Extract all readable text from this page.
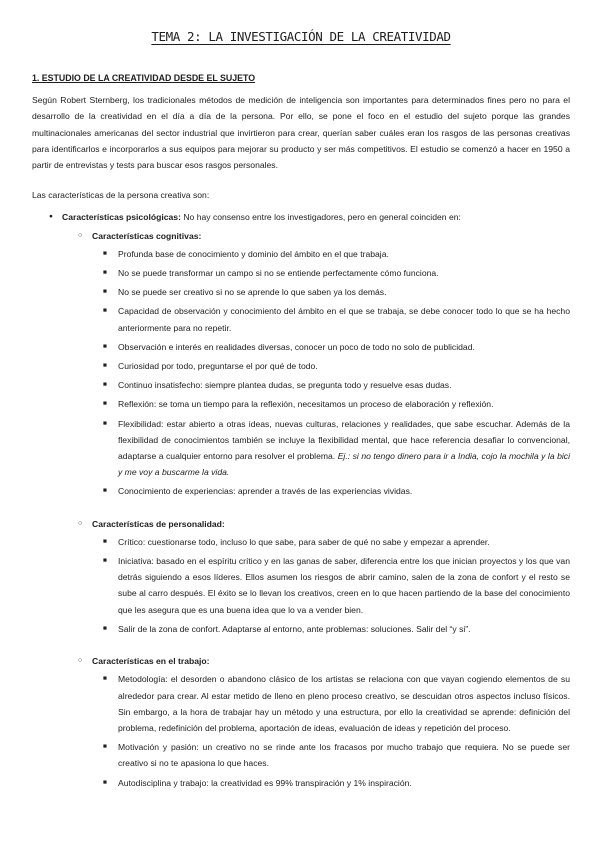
TEMA 2: LA INVESTIGACIÓN DE LA CREATIVIDAD
1. ESTUDIO DE LA CREATIVIDAD DESDE EL SUJETO
Según Robert Sternberg, los tradicionales métodos de medición de inteligencia son importantes para determinados fines pero no para el desarrollo de la creatividad en el día a día de la persona. Por ello, se pone el foco en el estudio del sujeto porque las grandes multinacionales americanas del sector industrial que invirtieron para crear, querían saber cuáles eran los rasgos de las personas creativas para identificarlos e incorporarlos a sus equipos para mejorar su producto y ser más competitivos. El estudio se comenzó a hacer en 1950 a partir de entrevistas y tests para buscar esos rasgos personales.
Las características de la persona creativa son:
● Características psicológicas: No hay consenso entre los investigadores, pero en general coinciden en:
○ Características cognitivas:
■ Profunda base de conocimiento y dominio del ámbito en el que trabaja.
■ No se puede transformar un campo si no se entiende perfectamente cómo funciona.
■ No se puede ser creativo si no se aprende lo que saben ya los demás.
■ Capacidad de observación y conocimiento del ámbito en el que se trabaja, se debe conocer todo lo que se ha hecho anteriormente para no repetir.
■ Observación e interés en realidades diversas, conocer un poco de todo no solo de publicidad.
■ Curiosidad por todo, preguntarse el por qué de todo.
■ Continuo insatisfecho: siempre plantea dudas, se pregunta todo y resuelve esas dudas.
■ Reflexión: se toma un tiempo para la reflexión, necesitamos un proceso de elaboración y reflexión.
■ Flexibilidad: estar abierto a otras ideas, nuevas culturas, relaciones y realidades, que sabe escuchar. Además de la flexibilidad de conocimientos también se incluye la flexibilidad mental, que hace referencia desafiar lo convencional, adaptarse a cualquier entorno para resolver el problema. Ej.: si no tengo dinero para ir a India, cojo la mochila y la bici y me voy a buscarme la vida.
■ Conocimiento de experiencias: aprender a través de las experiencias vividas.
○ Características de personalidad:
■ Crítico: cuestionarse todo, incluso lo que sabe, para saber de qué no sabe y empezar a aprender.
■ Iniciativa: basado en el espíritu crítico y en las ganas de saber, diferencia entre los que inician proyectos y los que van detrás siguiendo a esos líderes. Ellos asumen los riesgos de abrir camino, salen de la zona de confort y el resto se sube al carro después. El éxito se lo llevan los creativos, creen en lo que hacen partiendo de la base del conocimiento que les asegura que es una buena idea que lo va a vender bien.
■ Salir de la zona de confort. Adaptarse al entorno, ante problemas: soluciones. Salir del “y si”.
○ Características en el trabajo:
■ Metodología: el desorden o abandono clásico de los artistas se relaciona con que vayan cogiendo elementos de su alrededor para crear. Al estar metido de lleno en pleno proceso creativo, se descuidan otros aspectos incluso físicos. Sin embargo, a la hora de trabajar hay un método y una estructura, por ello la creatividad se aprende: definición del problema, redefinición del problema, aportación de ideas, evaluación de ideas y repetición del proceso.
■ Motivación y pasión: un creativo no se rinde ante los fracasos por mucho trabajo que requiera. No se puede ser creativo si no te apasiona lo que haces.
■ Autodisciplina y trabajo: la creatividad es 99% transpiración y 1% inspiración.
